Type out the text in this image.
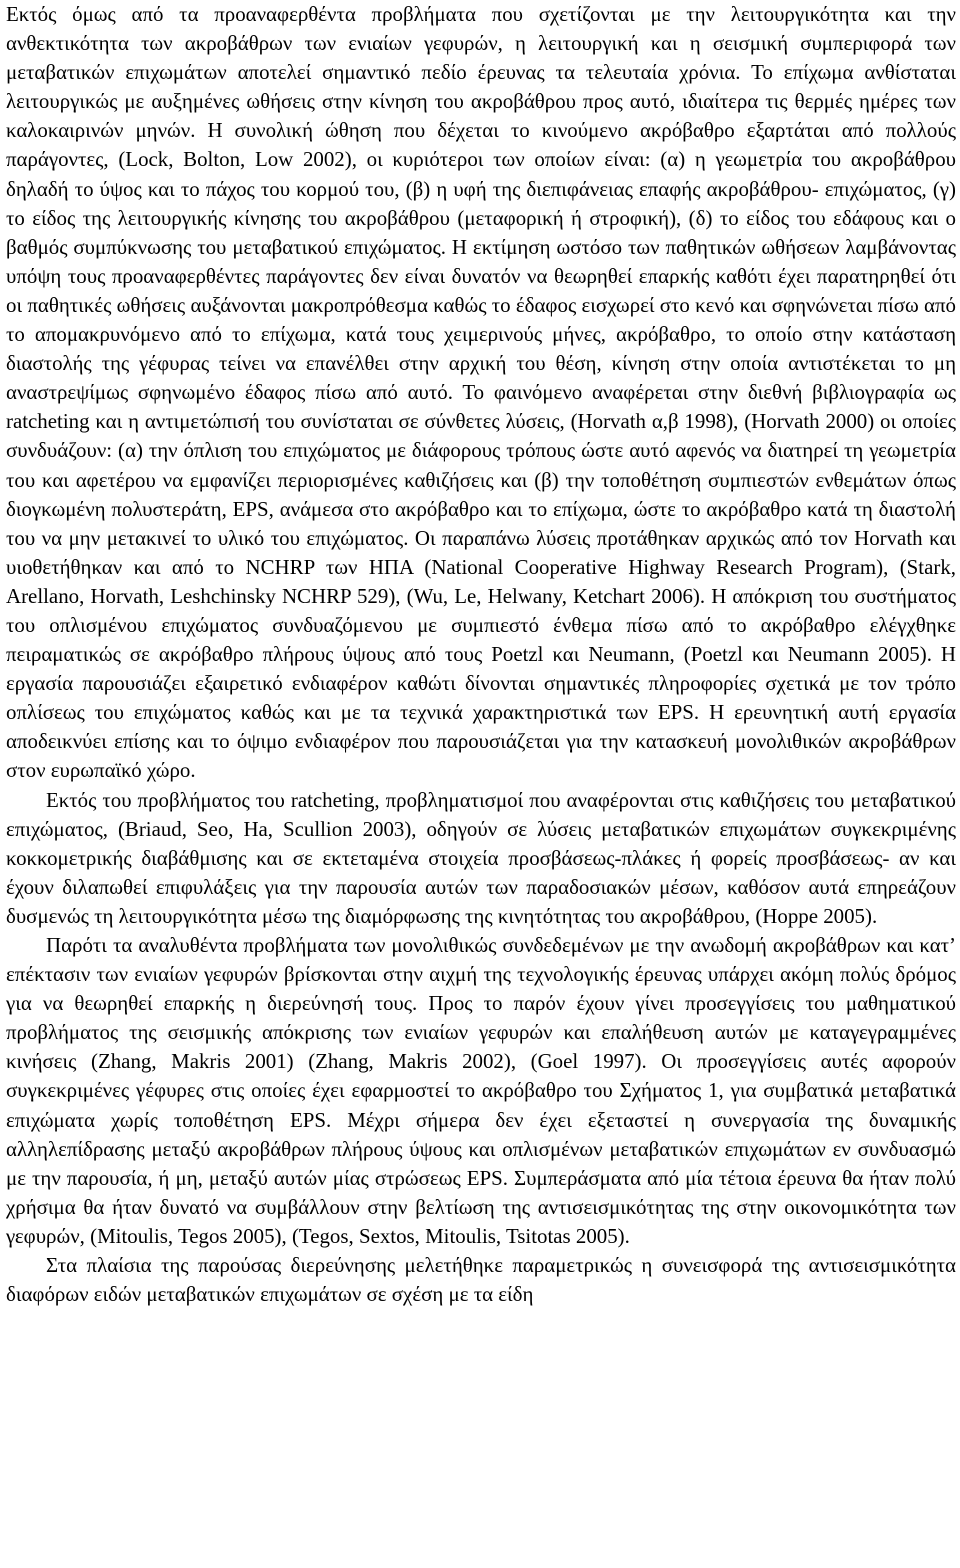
Εκτός όμως από τα προαναφερθέντα προβλήματα που σχετίζονται με την λειτουργικότητα και την ανθεκτικότητα των ακροβάθρων των ενιαίων γεφυρών, η λειτουργική και η σεισμική συμπεριφορά των μεταβατικών επιχωμάτων αποτελεί σημαντικό πεδίο έρευνας τα τελευταία χρόνια. Το επίχωμα ανθίσταται λειτουργικώς με αυξημένες ωθήσεις στην κίνηση του ακροβάθρου προς αυτό, ιδιαίτερα τις θερμές ημέρες των καλοκαιρινών μηνών. Η συνολική ώθηση που δέχεται το κινούμενο ακρόβαθρο εξαρτάται από πολλούς παράγοντες, (Lock, Bolton, Low 2002), οι κυριότεροι των οποίων είναι: (α) η γεωμετρία του ακροβάθρου δηλαδή το ύψος και το πάχος του κορμού του, (β) η υφή της διεπιφάνειας επαφής ακροβάθρου- επιχώματος, (γ) το είδος της λειτουργικής κίνησης του ακροβάθρου (μεταφορική ή στροφική), (δ) το είδος του εδάφους και ο βαθμός συμπύκνωσης του μεταβατικού επιχώματος. Η εκτίμηση ωστόσο των παθητικών ωθήσεων λαμβάνοντας υπόψη τους προαναφερθέντες παράγοντες δεν είναι δυνατόν να θεωρηθεί επαρκής καθότι έχει παρατηρηθεί ότι οι παθητικές ωθήσεις αυξάνονται μακροπρόθεσμα καθώς το έδαφος εισχωρεί στο κενό και σφηνώνεται πίσω από το απομακρυνόμενο από το επίχωμα, κατά τους χειμερινούς μήνες, ακρόβαθρο, το οποίο στην κατάσταση διαστολής της γέφυρας τείνει να επανέλθει στην αρχική του θέση, κίνηση στην οποία αντιστέκεται το μη αναστρεψίμως σφηνωμένο έδαφος πίσω από αυτό. Το φαινόμενο αναφέρεται στην διεθνή βιβλιογραφία ως ratcheting και η αντιμετώπισή του συνίσταται σε σύνθετες λύσεις, (Horvath α,β 1998), (Horvath 2000) οι οποίες συνδυάζουν: (α) την όπλιση του επιχώματος με διάφορους τρόπους ώστε αυτό αφενός να διατηρεί τη γεωμετρία του και αφετέρου να εμφανίζει περιορισμένες καθιζήσεις και (β) την τοποθέτηση συμπιεστών ενθεμάτων όπως διογκωμένη πολυστεράτη, EPS, ανάμεσα στο ακρόβαθρο και το επίχωμα, ώστε το ακρόβαθρο κατά τη διαστολή του να μην μετακινεί το υλικό του επιχώματος. Οι παραπάνω λύσεις προτάθηκαν αρχικώς από τον Horvath και υιοθετήθηκαν και από το NCHRP των ΗΠΑ (National Cooperative Highway Research Program), (Stark, Arellano, Horvath, Leshchinsky NCHRP 529), (Wu, Le, Helwany, Ketchart 2006). Η απόκριση του συστήματος του οπλισμένου επιχώματος συνδυαζόμενου με συμπιεστό ένθεμα πίσω από το ακρόβαθρο ελέγχθηκε πειραματικώς σε ακρόβαθρο πλήρους ύψους από τους Poetzl και Neumann, (Poetzl και Neumann 2005). Η εργασία παρουσιάζει εξαιρετικό ενδιαφέρον καθώτι δίνονται σημαντικές πληροφορίες σχετικά με τον τρόπο οπλίσεως του επιχώματος καθώς και με τα τεχνικά χαρακτηριστικά των EPS. Η ερευνητική αυτή εργασία αποδεικνύει επίσης και το όψιμο ενδιαφέρον που παρουσιάζεται για την κατασκευή μονολιθικών ακροβάθρων στον ευρωπαϊκό χώρο.

Εκτός του προβλήματος του ratcheting, προβληματισμοί που αναφέρονται στις καθιζήσεις του μεταβατικού επιχώματος, (Briaud, Seo, Ha, Scullion 2003), οδηγούν σε λύσεις μεταβατικών επιχωμάτων συγκεκριμένης κοκκομετρικής διαβάθμισης και σε εκτεταμένα στοιχεία προσβάσεως-πλάκες ή φορείς προσβάσεως- αν και έχουν διλαπωθεί επιφυλάξεις για την παρουσία αυτών των παραδοσιακών μέσων, καθόσον αυτά επηρεάζουν δυσμενώς τη λειτουργικότητα μέσω της διαμόρφωσης της κινητότητας του ακροβάθρου, (Hoppe 2005).

Παρότι τα αναλυθέντα προβλήματα των μονολιθικώς συνδεδεμένων με την ανωδομή ακροβάθρων και κατ’ επέκτασιν των ενιαίων γεφυρών βρίσκονται στην αιχμή της τεχνολογικής έρευνας υπάρχει ακόμη πολύς δρόμος για να θεωρηθεί επαρκής η διερεύνησή τους. Προς το παρόν έχουν γίνει προσεγγίσεις του μαθηματικού προβλήματος της σεισμικής απόκρισης των ενιαίων γεφυρών και επαλήθευση αυτών με καταγεγραμμένες κινήσεις (Zhang, Makris 2001) (Zhang, Makris 2002), (Goel 1997). Οι προσεγγίσεις αυτές αφορούν συγκεκριμένες γέφυρες στις οποίες έχει εφαρμοστεί το ακρόβαθρο του Σχήματος 1, για συμβατικά μεταβατικά επιχώματα χωρίς τοποθέτηση EPS. Μέχρι σήμερα δεν έχει εξεταστεί η συνεργασία της δυναμικής αλληλεπίδρασης μεταξύ ακροβάθρων πλήρους ύψους και οπλισμένων μεταβατικών επιχωμάτων εν συνδυασμώ με την παρουσία, ή μη, μεταξύ αυτών μίας στρώσεως EPS. Συμπεράσματα από μία τέτοια έρευνα θα ήταν πολύ χρήσιμα θα ήταν δυνατό να συμβάλλουν στην βελτίωση της αντισεισμικότητας της στην οικονομικότητα των γεφυρών, (Mitoulis, Tegos 2005), (Tegos, Sextos, Mitoulis, Tsitotas 2005).

Στα πλαίσια της παρούσας διερεύνησης μελετήθηκε παραμετρικώς η συνεισφορά της αντισεισμικότητα διαφόρων ειδών μεταβατικών επιχωμάτων σε σχέση με τα είδη
